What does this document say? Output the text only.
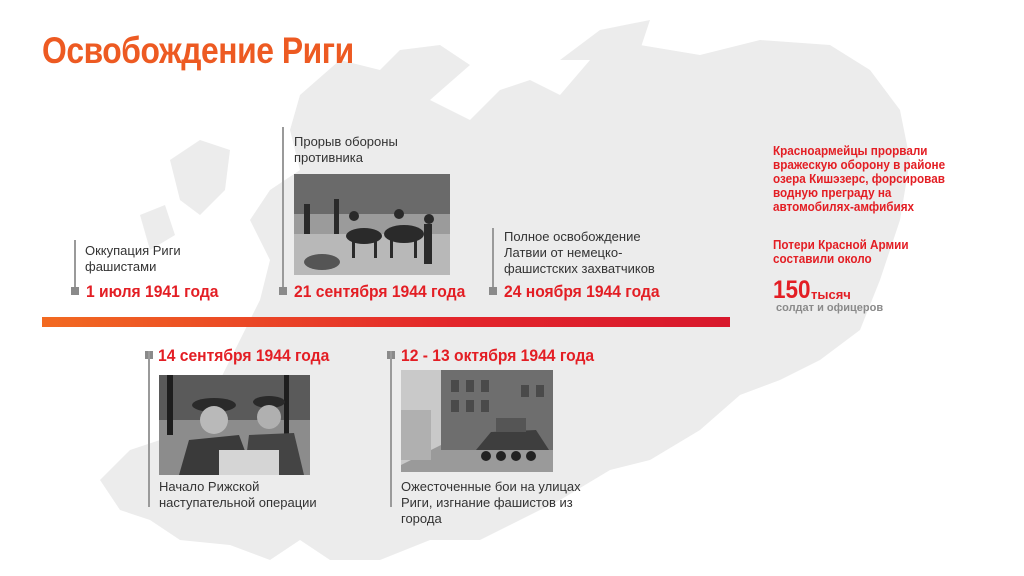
Освобождение Риги
Оккупация Риги фашистами
1 июля 1941 года
Прорыв обороны противника
21 сентября 1944 года
Полное освобождение Латвии от немецко-фашистских захватчиков
24 ноября 1944 года
14 сентября 1944 года
Начало Рижской наступательной операции
12 - 13 октября 1944 года
Ожесточенные бои на улицах Риги, изгнание фашистов из города
Красноармейцы прорвали вражескую оборону в районе озера Кишэзерс, форсировав водную преграду на автомобилях-амфибиях
Потери Красной Армии составили около
150 тысяч
солдат и офицеров
